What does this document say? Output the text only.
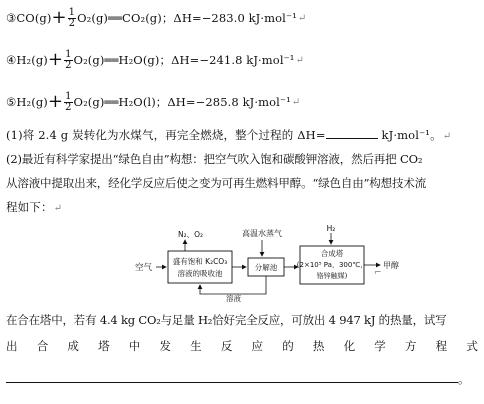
③CO(g) + $\frac{1}{2}$ O₂(g)══CO₂(g)；ΔH=−283.0 kJ·mol⁻¹ ↵
④H₂(g) + $\frac{1}{2}$ O₂(g)══H₂O(g)；ΔH=−241.8 kJ·mol⁻¹ ↵
⑤H₂(g) + $\frac{1}{2}$ O₂(g)══H₂O(l)；ΔH=−285.8 kJ·mol⁻¹ ↵
(1)将 2.4 g 炭转化为水煤气，再完全燃烧，整个过程的 ΔH=	kJ·mol⁻¹。↵
(2)最近有科学家提出“绿色自由”构想：把空气吹入饱和碳酸钾溶液，然后再把 CO₂
从溶液中提取出来，经化学反应后使之变为可再生燃料甲醇。“绿色自由”构想技术流
程如下：↵
空气
盛有饱和 K₂CO₃
溶液的吸收池
N₂、O₂	高温水蒸气
分解池
H₂
合成塔
(2×10⁵ Pa，300℃，
铬锌触媒)
甲醇
溶液
⌐
在合在塔中，若有 4.4 kg CO₂与足量 H₂恰好完全反应，可放出 4 947 kJ 的热量，试写
出 合 成 塔 中 发 生 反 应 的 热 化 学 方 程 式
。
